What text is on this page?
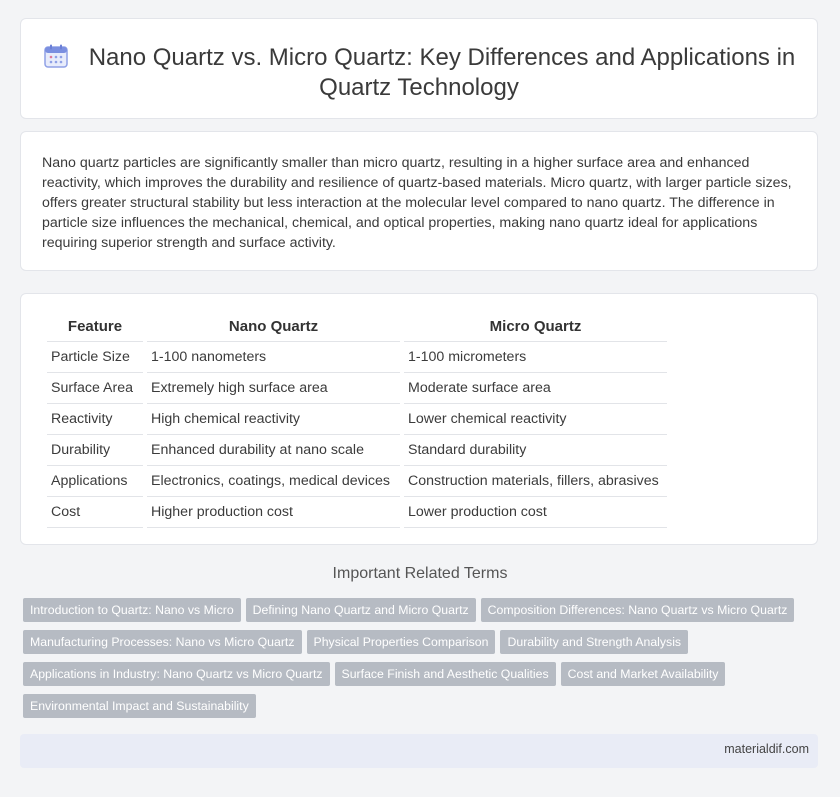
Nano Quartz vs. Micro Quartz: Key Differences and Applications in Quartz Technology

Nano quartz particles are significantly smaller than micro quartz, resulting in a higher surface area and enhanced reactivity, which improves the durability and resilience of quartz-based materials. Micro quartz, with larger particle sizes, offers greater structural stability but less interaction at the molecular level compared to nano quartz. The difference in particle size influences the mechanical, chemical, and optical properties, making nano quartz ideal for applications requiring superior strength and surface activity.

Feature	Nano Quartz	Micro Quartz
Particle Size	1-100 nanometers	1-100 micrometers
Surface Area	Extremely high surface area	Moderate surface area
Reactivity	High chemical reactivity	Lower chemical reactivity
Durability	Enhanced durability at nano scale	Standard durability
Applications	Electronics, coatings, medical devices	Construction materials, fillers, abrasives
Cost	Higher production cost	Lower production cost
Important Related Terms
Introduction to Quartz: Nano vs Micro Defining Nano Quartz and Micro Quartz Composition Differences: Nano Quartz vs Micro Quartz
Manufacturing Processes: Nano vs Micro Quartz Physical Properties Comparison Durability and Strength Analysis
Applications in Industry: Nano Quartz vs Micro Quartz Surface Finish and Aesthetic Qualities Cost and Market Availability
Environmental Impact and Sustainability
materialdif.com
